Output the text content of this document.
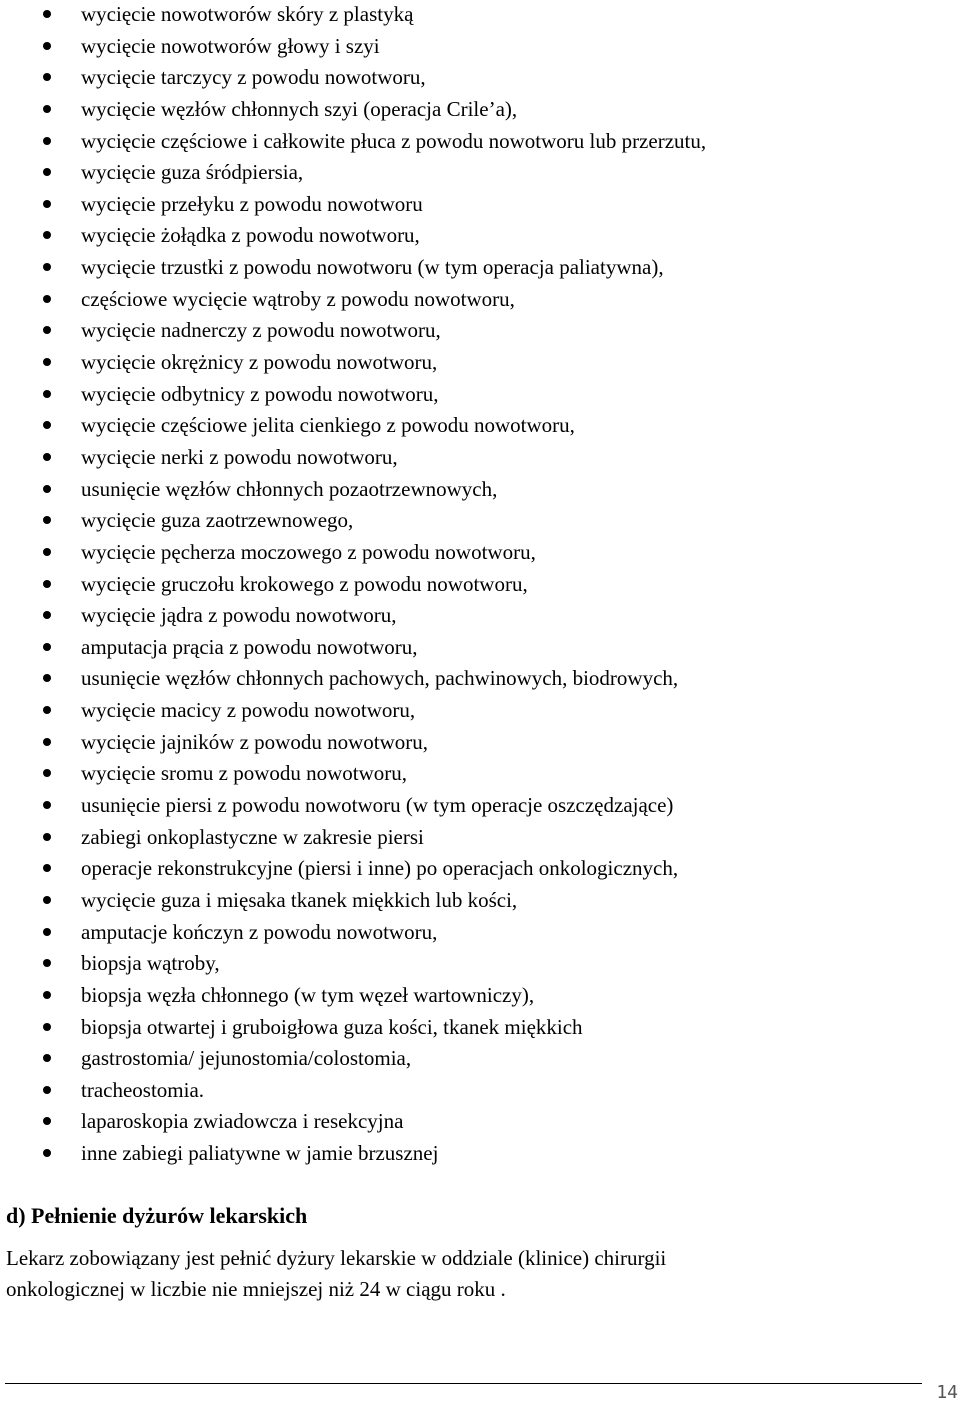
wycięcie nowotworów skóry z plastyką
wycięcie nowotworów głowy i szyi
wycięcie tarczycy z powodu nowotworu,
wycięcie węzłów chłonnych szyi (operacja Crile’a),
wycięcie częściowe i całkowite płuca z powodu nowotworu lub przerzutu,
wycięcie guza śródpiersia,
wycięcie przełyku z powodu nowotworu
wycięcie żołądka z powodu nowotworu,
wycięcie trzustki z powodu nowotworu (w tym operacja paliatywna),
częściowe wycięcie wątroby z powodu nowotworu,
wycięcie nadnerczy z powodu nowotworu,
wycięcie okrężnicy z powodu nowotworu,
wycięcie odbytnicy z powodu nowotworu,
wycięcie częściowe jelita cienkiego z powodu nowotworu,
wycięcie nerki z powodu nowotworu,
usunięcie węzłów chłonnych pozaotrzewnowych,
wycięcie guza zaotrzewnowego,
wycięcie pęcherza moczowego z powodu nowotworu,
wycięcie gruczołu krokowego z powodu nowotworu,
wycięcie jądra z powodu nowotworu,
amputacja prącia z powodu nowotworu,
usunięcie węzłów chłonnych pachowych, pachwinowych, biodrowych,
wycięcie macicy z powodu nowotworu,
wycięcie jajników z powodu nowotworu,
wycięcie sromu z powodu nowotworu,
usunięcie piersi z powodu nowotworu (w tym operacje oszczędzające)
zabiegi onkoplastyczne w zakresie piersi
operacje rekonstrukcyjne (piersi i inne) po operacjach onkologicznych,
wycięcie guza i mięsaka tkanek miękkich lub kości,
amputacje kończyn z powodu nowotworu,
biopsja wątroby,
biopsja węzła chłonnego (w tym węzeł wartowniczy),
biopsja otwartej i gruboigłowa guza kości, tkanek miękkich
gastrostomia/ jejunostomia/colostomia,
tracheostomia.
laparoskopia zwiadowcza i resekcyjna
inne zabiegi paliatywne w jamie brzusznej
d) Pełnienie dyżurów lekarskich

Lekarz zobowiązany jest pełnić dyżury lekarskie w oddziale (klinice) chirurgii
onkologicznej w liczbie nie mniejszej niż 24 w ciągu roku .

14
